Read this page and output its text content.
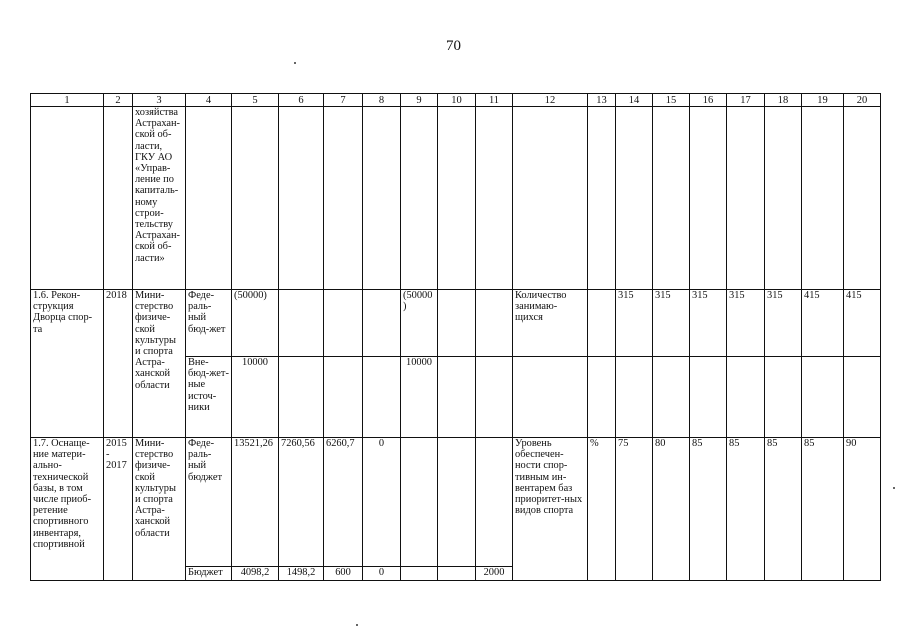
70
1	2	3	4	5	6	7	8	9	10	11	12	13	14	15	16	17	18	19	20
		хозяйства Астрахан-ской об-ласти, ГКУ АО «Управ-ление по капиталь-ному строи-тельству Астрахан-ской об-ласти»																	
1.6. Рекон-струкция Дворца спор-та	2018	Мини-стерство физиче-ской культуры и спорта Астра-ханской области	Феде-раль-ный бюд-жет	(50000)				(50000)			Количество занимаю-щихся		315	315	315	315	315	415	415
			Вне-бюд-жет-ные источ-ники	10000				10000											
1.7. Оснаще-ние матери-ально-технической базы, в том числе приоб-ретение спортивного инвентаря, спортивной	2015 - 2017	Мини-стерство физиче-ской культуры и спорта Астра-ханской области	Феде-раль-ный бюджет	13521,26	7260,56	6260,7	0				Уровень обеспечен-ности спор-тивным ин-вентарем баз приоритет-ных видов спорта	%	75	80	85	85	85	85	90
			Бюджет	4098,2	1498,2	600	0			2000									
